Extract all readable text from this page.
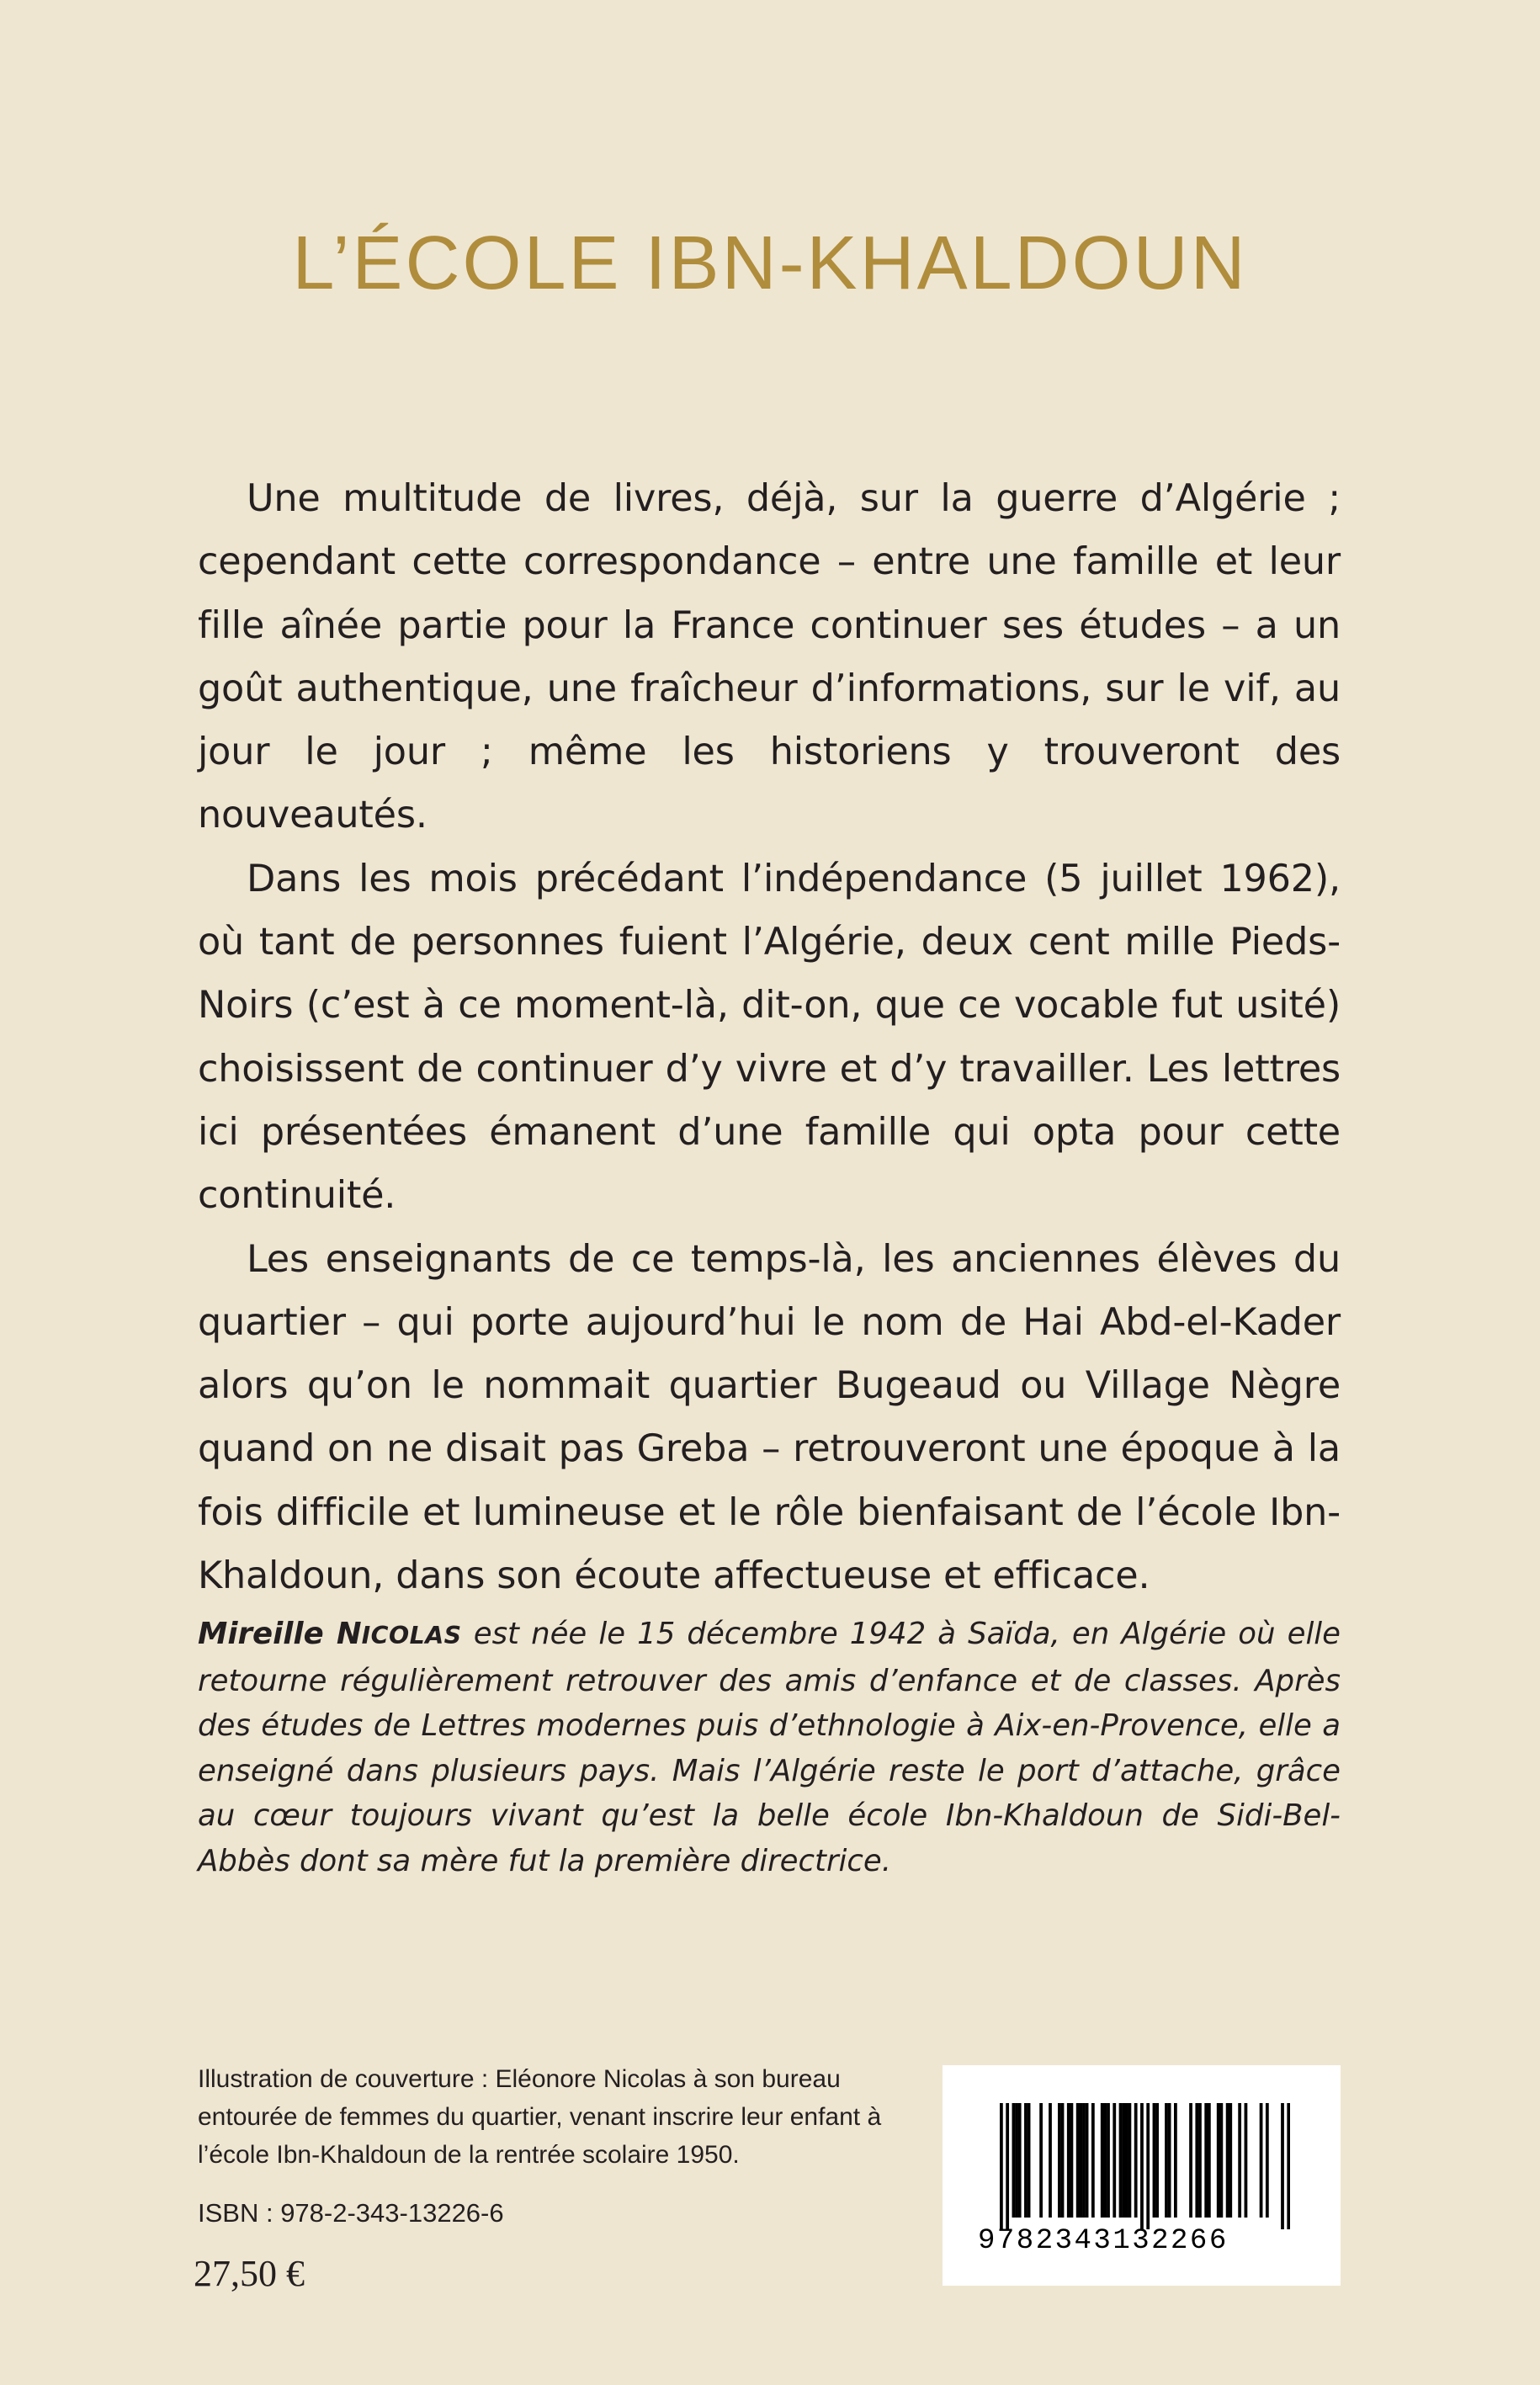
L’ÉCOLE IBN-KHALDOUN

Une multitude de livres, déjà, sur la guerre d’Algérie ; cependant cette correspondance – entre une famille et leur fille aînée partie pour la France continuer ses études – a un goût authentique, une fraîcheur d’informations, sur le vif, au jour le jour ; même les historiens y trouveront des nouveautés.

Dans les mois précédant l’indépendance (5 juillet 1962), où tant de personnes fuient l’Algérie, deux cent mille Pieds-Noirs (c’est à ce moment-là, dit-on, que ce vocable fut usité) choisissent de continuer d’y vivre et d’y travailler. Les lettres ici présentées émanent d’une famille qui opta pour cette continuité.

Les enseignants de ce temps-là, les anciennes élèves du quartier – qui porte aujourd’hui le nom de Hai Abd-el-Kader alors qu’on le nommait quartier Bugeaud ou Village Nègre quand on ne disait pas Greba – retrouveront une époque à la fois difficile et lumineuse et le rôle bienfaisant de l’école Ibn-Khaldoun, dans son écoute affectueuse et efficace.

Mireille NICOLAS est née le 15 décembre 1942 à Saïda, en Algérie où elle retourne régulièrement retrouver des amis d’enfance et de classes. Après des études de Lettres modernes puis d’ethnologie à Aix-en-Provence, elle a enseigné dans plusieurs pays. Mais l’Algérie reste le port d’attache, grâce au cœur toujours vivant qu’est la belle école Ibn-Khaldoun de Sidi-Bel-Abbès dont sa mère fut la première directrice.
Illustration de couverture : Eléonore Nicolas à son bureau
entourée de femmes du quartier, venant inscrire leur enfant à
l’école Ibn-Khaldoun de la rentrée scolaire 1950.
ISBN : 978-2-343-13226-6
27,50 €
9782343132266
